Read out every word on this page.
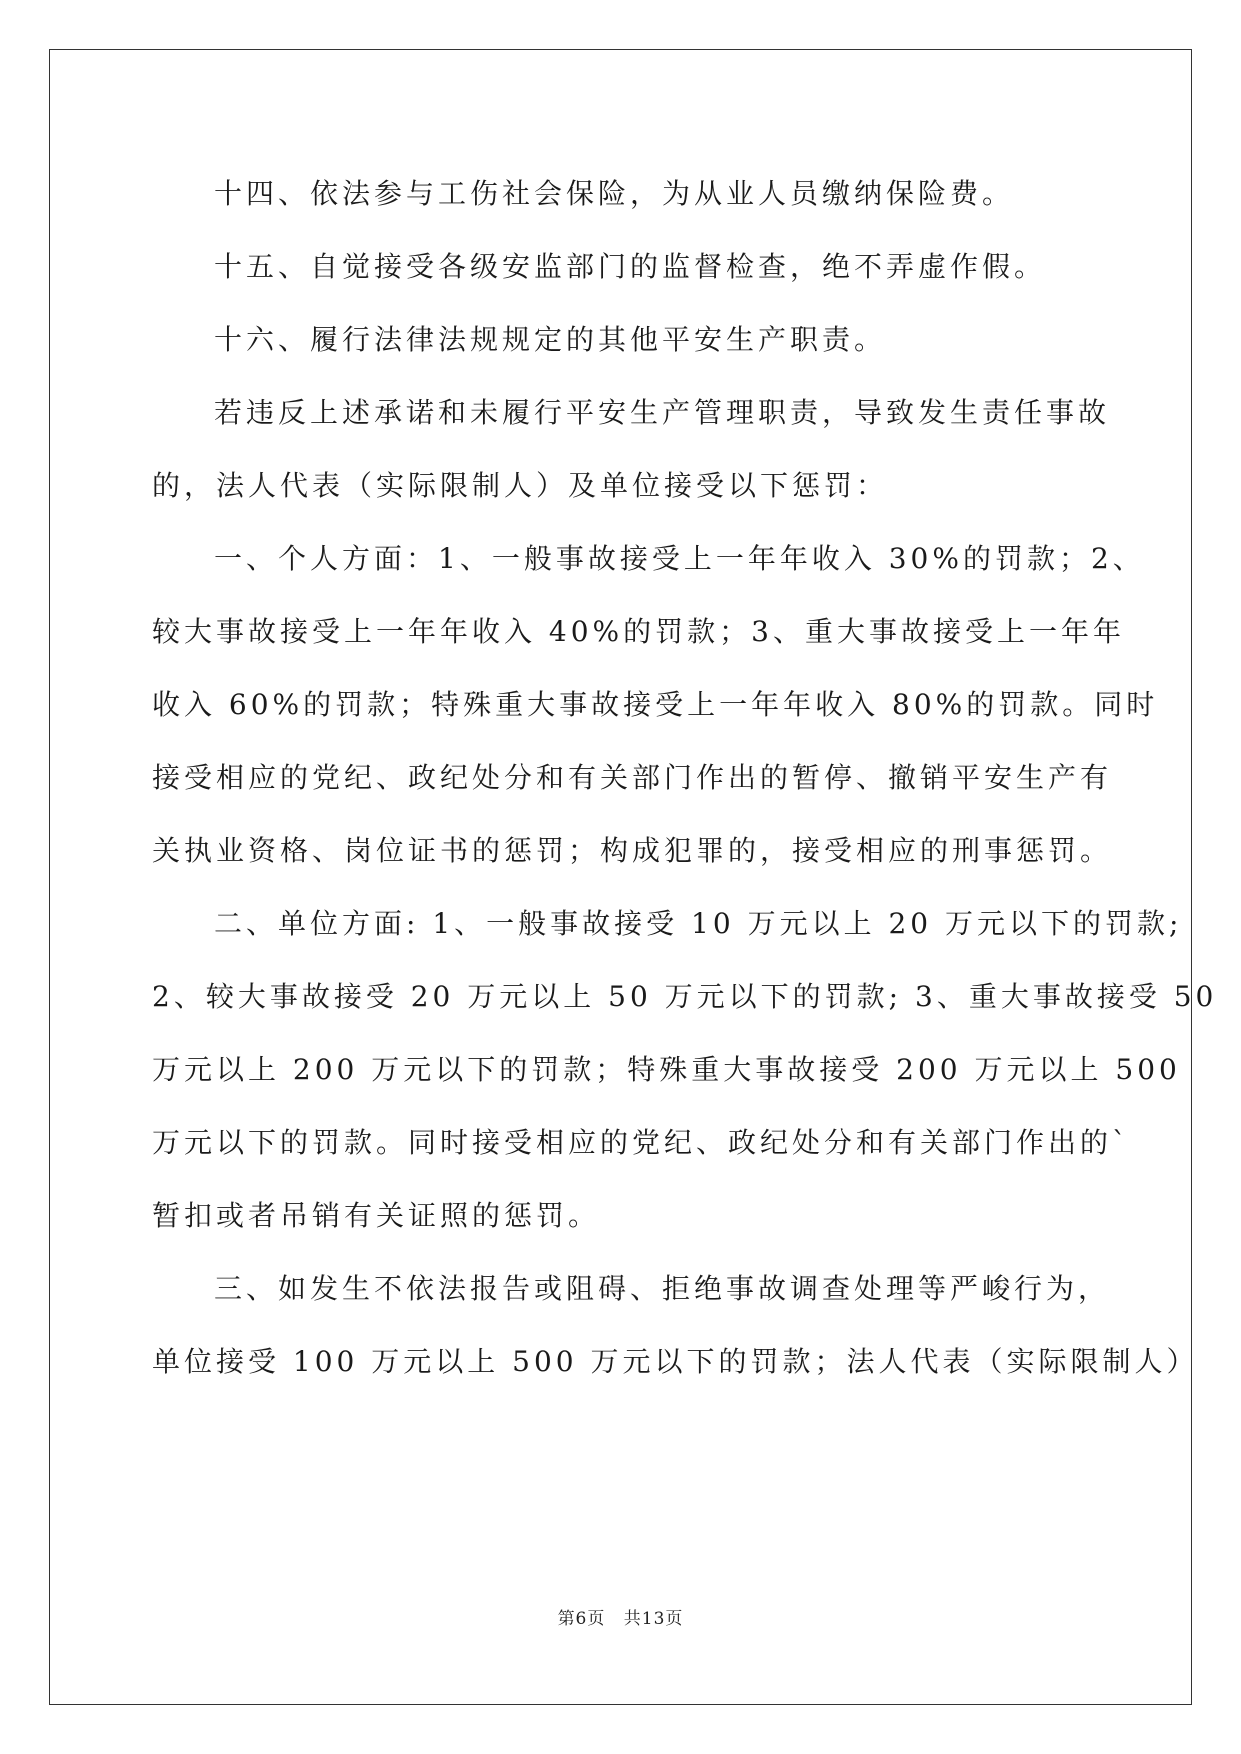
十四、依法参与工伤社会保险，为从业人员缴纳保险费。

十五、自觉接受各级安监部门的监督检查，绝不弄虚作假。

十六、履行法律法规规定的其他平安生产职责。

若违反上述承诺和未履行平安生产管理职责，导致发生责任事故

的，法人代表（实际限制人）及单位接受以下惩罚：

一、个人方面：1、一般事故接受上一年年收入 30%的罚款；2、

较大事故接受上一年年收入 40%的罚款；3、重大事故接受上一年年

收入 60%的罚款；特殊重大事故接受上一年年收入 80%的罚款。同时

接受相应的党纪、政纪处分和有关部门作出的暂停、撤销平安生产有

关执业资格、岗位证书的惩罚；构成犯罪的，接受相应的刑事惩罚。

二、单位方面: 1、一般事故接受 10 万元以上 20 万元以下的罚款;

2、较大事故接受 20 万元以上 50 万元以下的罚款; 3、重大事故接受 50

万元以上 200 万元以下的罚款；特殊重大事故接受 200 万元以上 500

万元以下的罚款。同时接受相应的党纪、政纪处分和有关部门作出的`

暂扣或者吊销有关证照的惩罚。

三、如发生不依法报告或阻碍、拒绝事故调查处理等严峻行为，

单位接受 100 万元以上 500 万元以下的罚款；法人代表（实际限制人）

第6页 共13页
